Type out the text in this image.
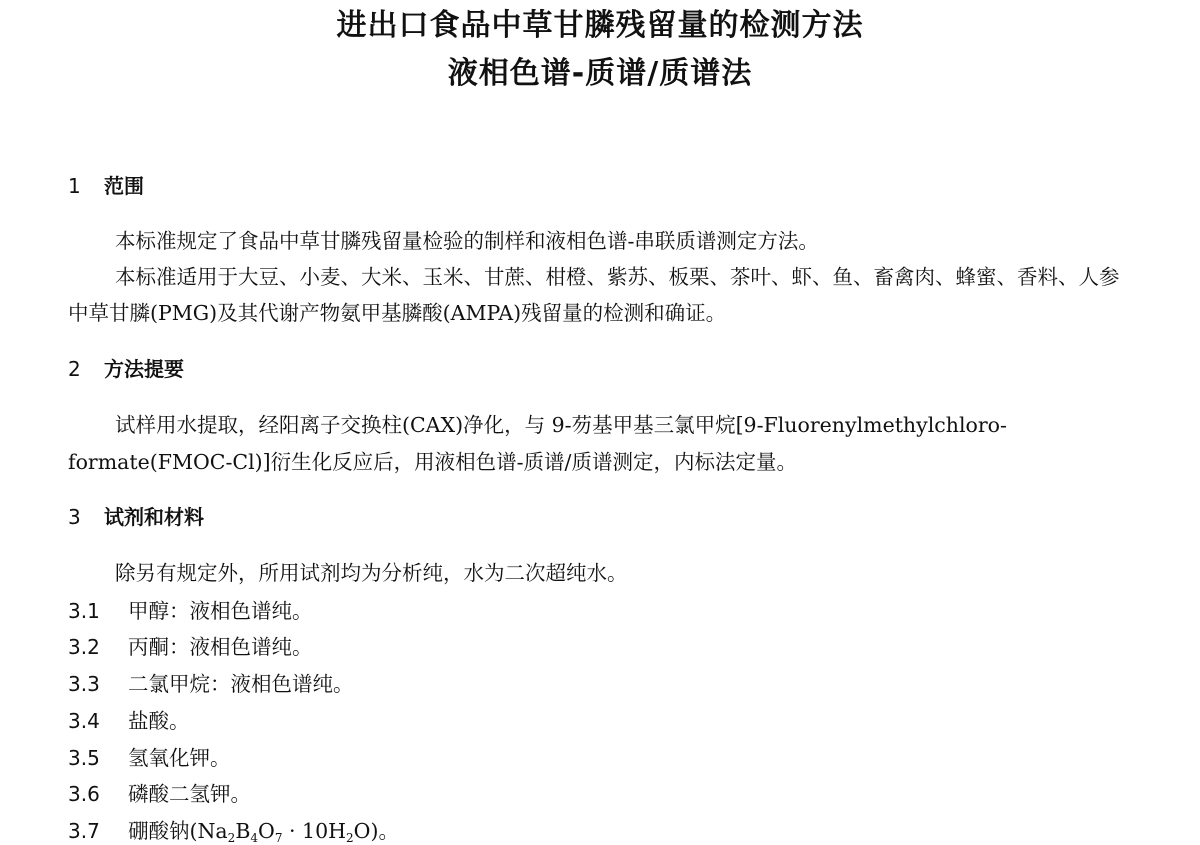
进出口食品中草甘膦残留量的检测方法
液相色谱-质谱/质谱法
1 范围
本标准规定了食品中草甘膦残留量检验的制样和液相色谱-串联质谱测定方法。
本标准适用于大豆、小麦、大米、玉米、甘蔗、柑橙、紫苏、板栗、茶叶、虾、鱼、畜禽肉、蜂蜜、香料、人参
中草甘膦(PMG)及其代谢产物氨甲基膦酸(AMPA)残留量的检测和确证。
2 方法提要
试样用水提取，经阳离子交换柱(CAX)净化，与 9-芴基甲基三氯甲烷[9-Fluorenylmethylchloro-
formate(FMOC-Cl)]衍生化反应后，用液相色谱-质谱/质谱测定，内标法定量。
3 试剂和材料
除另有规定外，所用试剂均为分析纯，水为二次超纯水。
3.1 甲醇：液相色谱纯。
3.2 丙酮：液相色谱纯。
3.3 二氯甲烷：液相色谱纯。
3.4 盐酸。
3.5 氢氧化钾。
3.6 磷酸二氢钾。
3.7 硼酸钠$(Na_2B_4O_7 \cdot 10H_2O)$。
